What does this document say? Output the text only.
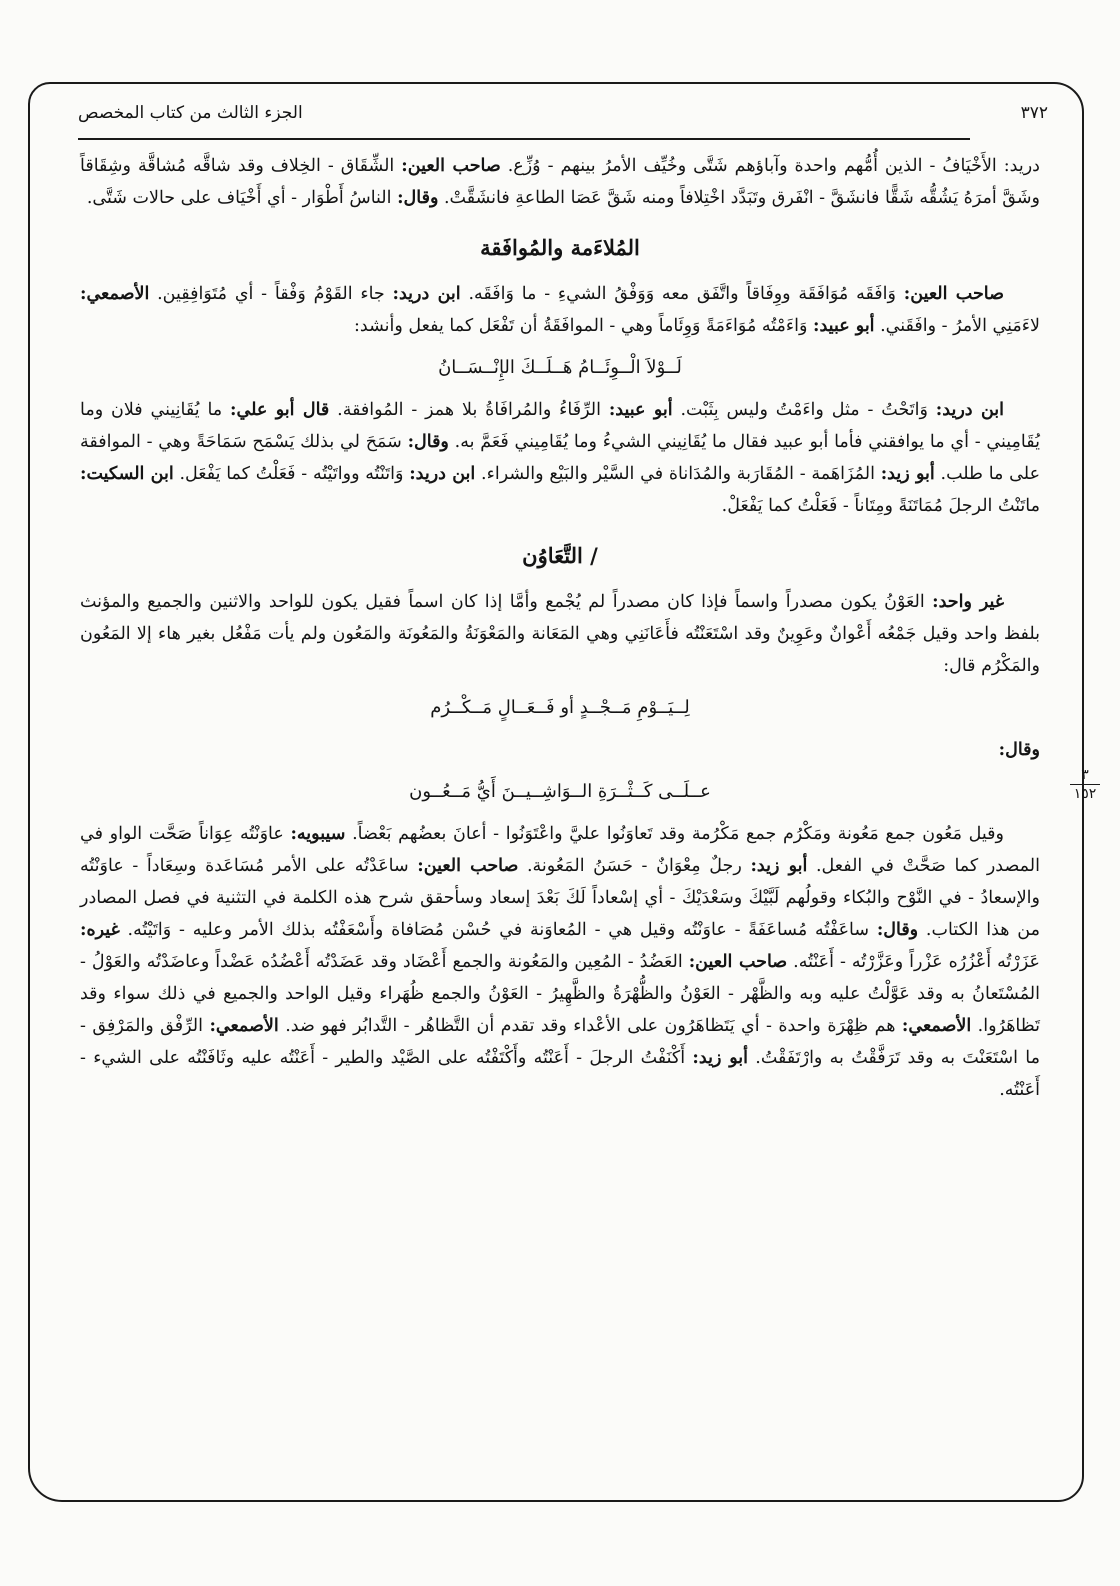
٣٧٢
الجزء الثالث من كتاب المخصص
٣
١٥٢

دريد: الأَخْيَافُ - الذين أُمُّهم واحدة وآباؤهم شَتَّى وخُيِّف الأمرُ بينهم - وُزِّع. صاحب العين: الشِّقَاق - الخِلاف وقد شاقَّه مُشاقَّة وشِقَاقاً وشَقَّ أمرَهُ يَشُقُّه شَقًّا فانشَقَّ - انْفَرق وتَبَدَّد اخْتِلافاً ومنه شَقَّ عَصَا الطاعةِ فانشَقَّتْ. وقال: الناسُ أَطْوَار - أي أَخْيَاف على حالات شَتَّى.

المُلاءَمة والمُوافَقة

صاحب العين: وَافَقَه مُوَافَقَة ووِفَاقاً واتَّفَق معه وَوَفْقُ الشيءِ - ما وَافَقَه. ابن دريد: جاء القَوْمُ وَفْقاً - أي مُتَوَافِقِين. الأصمعي: لاءَمَنِي الأمرُ - وافَقَني. أبو عبيد: وَاءَمْتُه مُوَاءَمَةً وَوِئَاماً وهي - الموافَقَةُ أن تَفْعَل كما يفعل وأنشد:

لَــوْلاَ الْــوِئَــامُ هَــلَــكَ الإِنْــسَــانُ

ابن دريد: وَاتَحْتُ - مثل واءَمْتُ وليس بِثَبْت. أبو عبيد: الرِّفَاءُ والمُرافَاةُ بلا همز - المُوافقة. قال أبو علي: ما يُقَانِيني فلان وما يُقَامِيني - أي ما يوافقني فأما أبو عبيد فقال ما يُقَانِيني الشيءُ وما يُقَامِيني فَعَمَّ به. وقال: سَمَحَ لي بذلك يَسْمَح سَمَاحَةً وهي - الموافقة على ما طلب. أبو زيد: المُزَاهَمة - المُقَارَبة والمُدَاناة في السَّيْر والبَيْع والشراء. ابن دريد: وَاتَنْتُه وواتَيْتُه - فَعَلْتُ كما يَفْعَل. ابن السكيت: ماتَنْتُ الرجلَ مُمَاتَنَةً ومِتَاناً - فَعَلْتُ كما يَفْعَلْ.

/ التَّعَاوُن

غير واحد: العَوْنُ يكون مصدراً واسماً فإذا كان مصدراً لم يُجْمع وأمَّا إذا كان اسماً فقيل يكون للواحد والاثنين والجميع والمؤنث بلفظ واحد وقيل جَمْعُه أَعْوانٌ وعَوِينٌ وقد اسْتَعَنْتُه فأَعَانَنِي وهي المَعَانة والمَعْوَنَةُ والمَعُونَة والمَعُون ولم يأت مَفْعُل بغير هاء إلا المَعُون والمَكْرُم قال:

لِــيَــوْمِ مَــجْــدٍ أو فَــعَــالٍ مَــكْــرُم

وقال:

عــلَــى كَــثْــرَةِ الــوَاشِــيــنَ أَيُّ مَــعُــون

وقيل مَعُون جمع مَعُونة ومَكْرُم جمع مَكْرُمة وقد تَعاوَنُوا عليَّ واعْتَوَنُوا - أعانَ بعضُهم بَعْضاً. سيبويه: عاوَنْتُه عِوَاناً صَحَّت الواو في المصدر كما صَحَّتْ في الفعل. أبو زيد: رجلٌ مِعْوَانٌ - حَسَنُ المَعُونة. صاحب العين: ساعَدْتُه على الأمر مُسَاعَدة وسِعَاداً - عاوَنْتُه والإسعادُ - في النَّوْح والبُكاء وقولُهم لَبَّيْكَ وسَعْدَيْكَ - أي إسْعاداً لَكَ بَعْدَ إسعاد وسأحقق شرح هذه الكلمة في التثنية في فصل المصادر من هذا الكتاب. وقال: ساعَفْتُه مُساعَفَةً - عاوَنْتُه وقيل هي - المُعاوَنة في حُسْن مُصَافاة وأَسْعَفْتُه بذلك الأمر وعليه - وَاتَيْتُه. غيره: عَزَرْتُه أَعْزُرُه عَزْراً وعَزَّرْتُه - أَعَنْتُه. صاحب العين: العَضُدُ - المُعِين والمَعُونة والجمع أَعْضَاد وقد عَضَدْتُه أَعْضُدُه عَضْداً وعاضَدْتُه والعَوْلُ - المُسْتَعانُ به وقد عَوَّلْتُ عليه وبه والظَّهْر - العَوْنُ والظُّهْرَةُ والظَّهِيرُ - العَوْنُ والجمع ظُهَراء وقيل الواحد والجميع في ذلك سواء وقد تَظاهَرُوا. الأصمعي: هم ظِهْرَة واحدة - أي يَتَظاهَرُون على الأعْداء وقد تقدم أن التَّظاهُر - التَّدابُر فهو ضد. الأصمعي: الرِّفْق والمَرْفِق - ما اسْتَعَنْتَ به وقد تَرَفَّقْتُ به وارْتَفَقْتُ. أبو زيد: أَكْنَفْتُ الرجلَ - أَعَنْتُه وأَكْتَفْتُه على الصَّيْد والطير - أَعَنْتُه عليه وثَافَنْتُه على الشيء - أَعَنْتُه.
